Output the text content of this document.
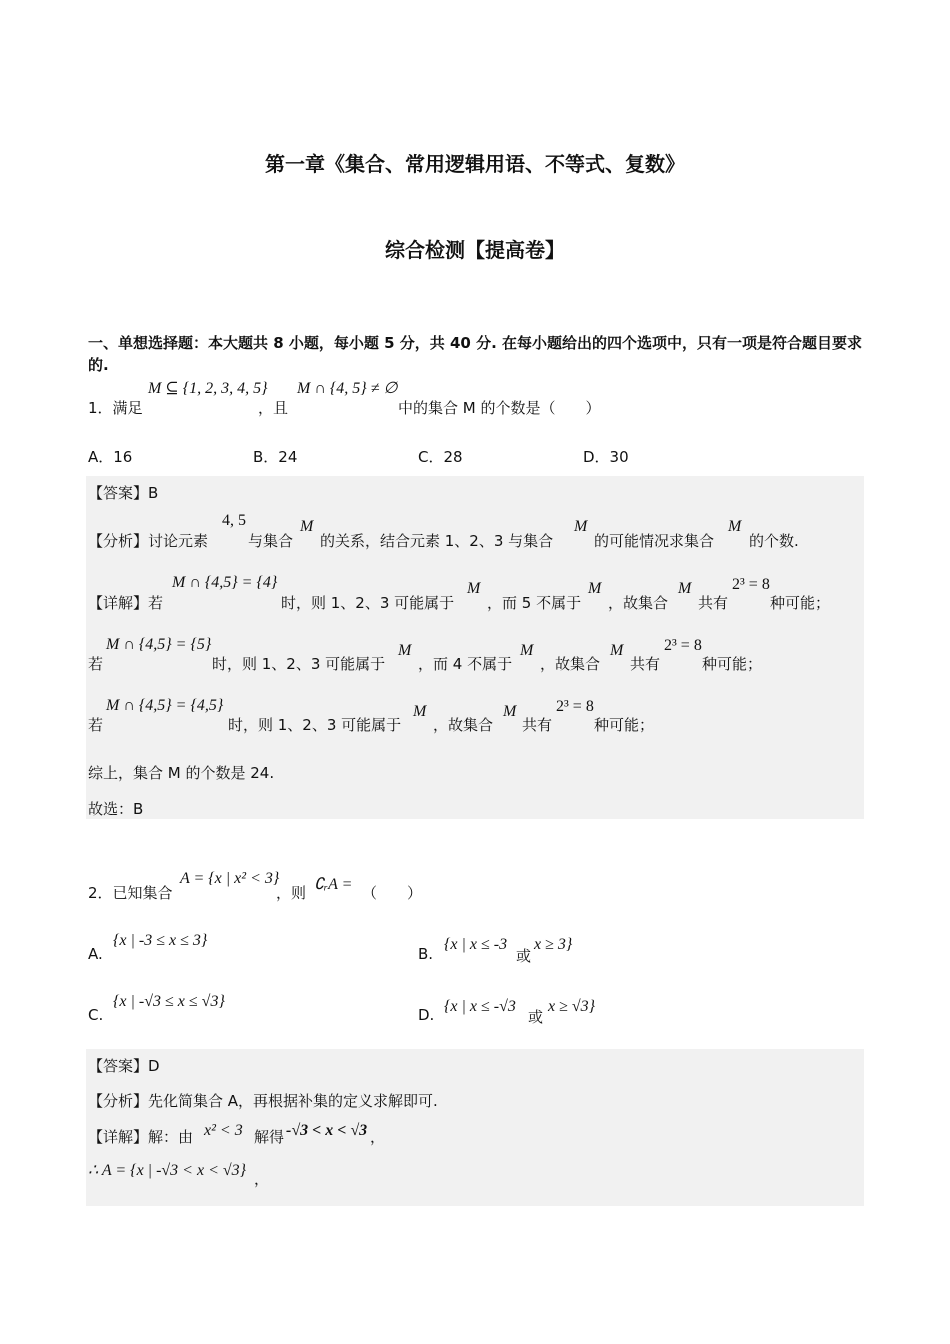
第一章《集合、常用逻辑用语、不等式、复数》
综合检测【提高卷】
一、单想选择题：本大题共 8 小题，每小题 5 分，共 40 分. 在每小题给出的四个选项中，只有一项是符合题目要求的.
1．满足
M ⊆ {1, 2, 3, 4, 5}
，且
M ∩ {4, 5} ≠ ∅
中的集合 M 的个数是（　　）
A．16	B．24	C．28	D．30
【答案】B
【分析】讨论元素
4, 5
与集合
M
的关系，结合元素 1、2、3 与集合
M
的可能情况求集合
M
的个数.
【详解】若
M ∩ {4,5} = {4}
时，则 1、2、3 可能属于
M
，而 5 不属于
M
，故集合
M
共有
2³ = 8
种可能；
M ∩ {4,5} = {5}
若	时，则 1、2、3 可能属于
M
，而 4 不属于
M
，故集合
M
共有
2³ = 8
种可能；
M ∩ {4,5} = {4,5}
若	时，则 1、2、3 可能属于
M
，故集合
M
共有
2³ = 8
种可能；
综上，集合 M 的个数是 24.
故选：B
2．已知集合
A = {x | x² < 3}
，则 ∁ᵣA = （　　）
A.
{x | -3 ≤ x ≤ 3}
B.
{x | x ≤ -3
或
x ≥ 3}
C.
{x | -√3 ≤ x ≤ √3}
D. {x | x ≤ -√3
或
x ≥ √3}
【答案】D
【分析】先化简集合 A，再根据补集的定义求解即可.
【详解】解：由 x² < 3 解得 -√3 < x < √3 ，
∴ A = {x | -√3 < x < √3} ，
